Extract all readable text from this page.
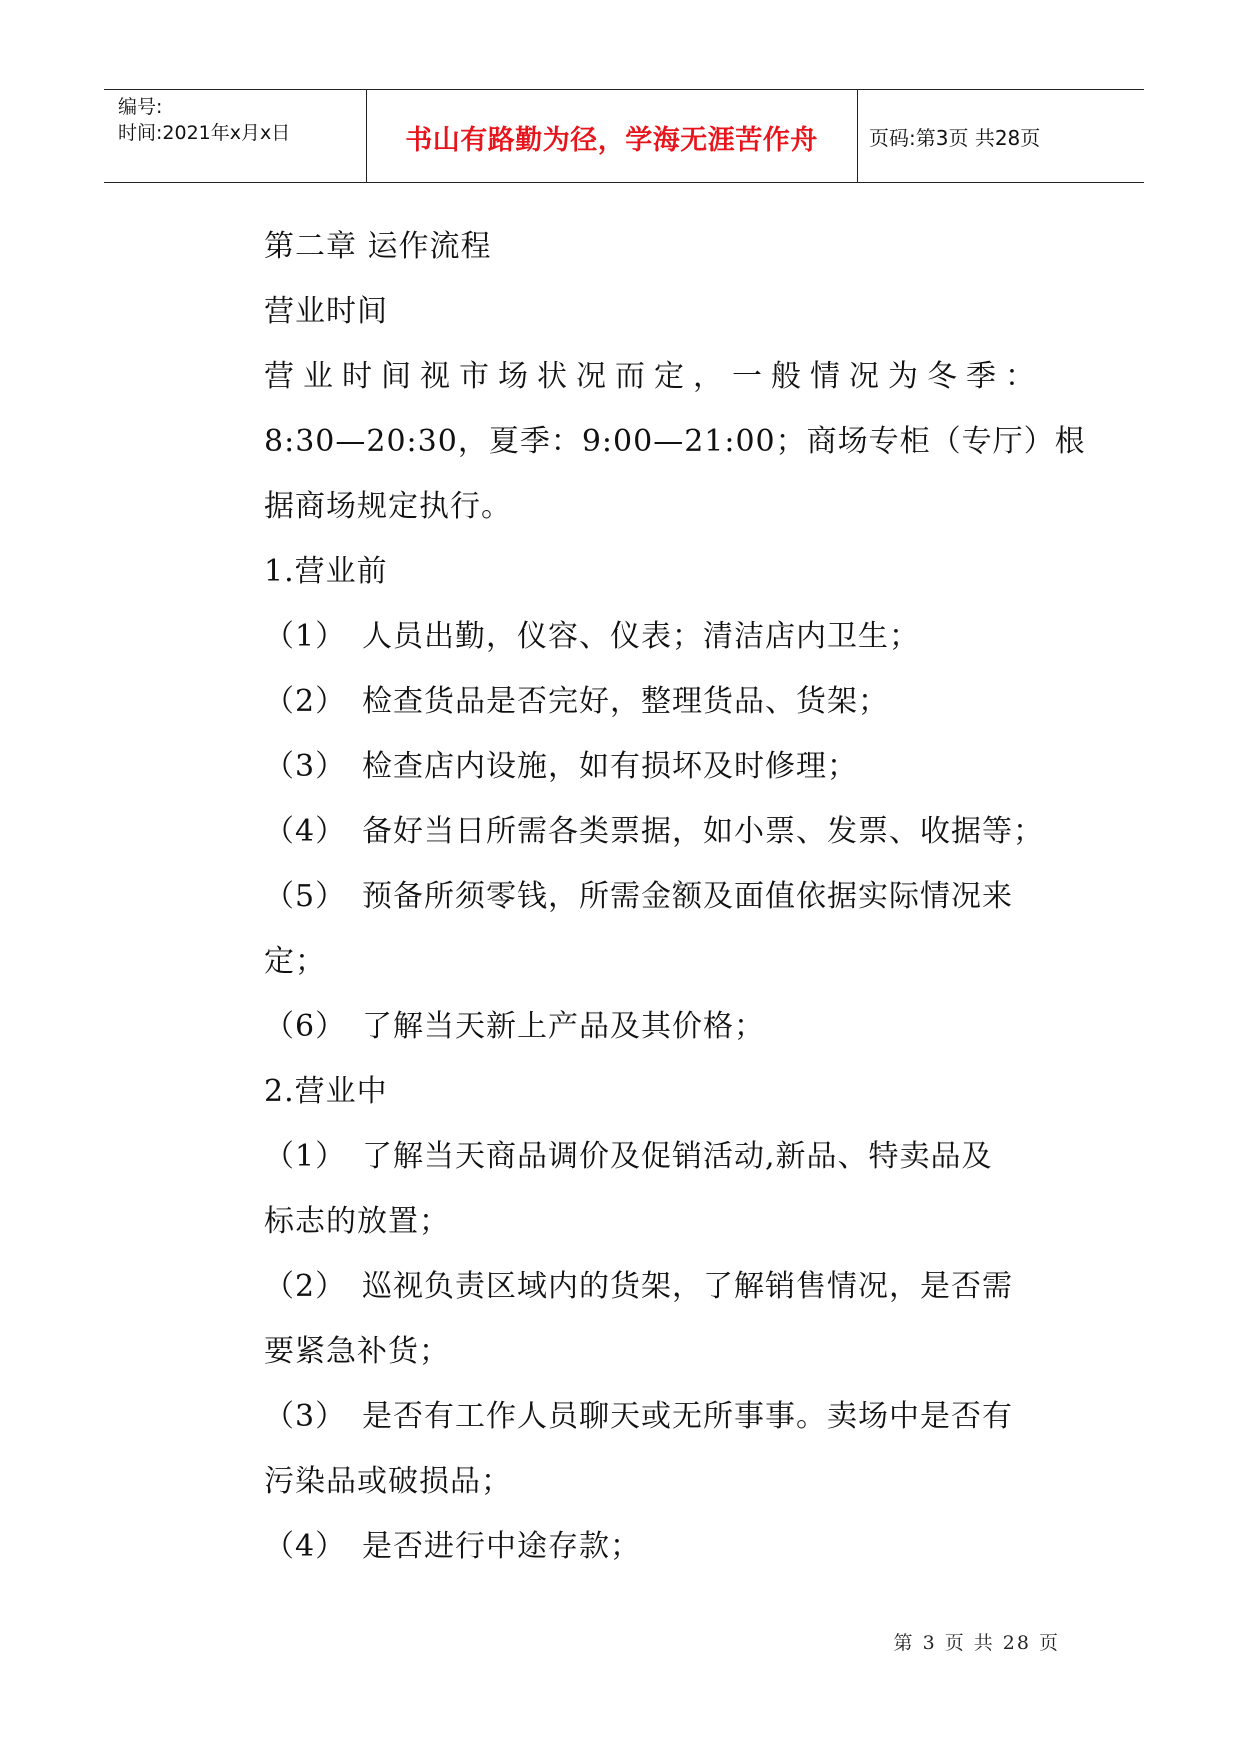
编号:
时间:2021年x月x日	书山有路勤为径，学海无涯苦作舟	页码:第3页 共28页
第二章 运作流程
营业时间
营业时间视市场状况而定，一般情况为冬季：
8:30—20:30，夏季：9:00—21:00；商场专柜（专厅）根
据商场规定执行。
1.营业前
（1） 人员出勤，仪容、仪表；清洁店内卫生；
（2） 检查货品是否完好，整理货品、货架；
（3） 检查店内设施，如有损坏及时修理；
（4） 备好当日所需各类票据，如小票、发票、收据等；
（5） 预备所须零钱，所需金额及面值依据实际情况来
定；
（6） 了解当天新上产品及其价格；
2.营业中
（1） 了解当天商品调价及促销活动,新品、特卖品及
标志的放置；
（2） 巡视负责区域内的货架，了解销售情况，是否需
要紧急补货；
（3） 是否有工作人员聊天或无所事事。卖场中是否有
污染品或破损品；
（4） 是否进行中途存款；
第 3 页 共 28 页
